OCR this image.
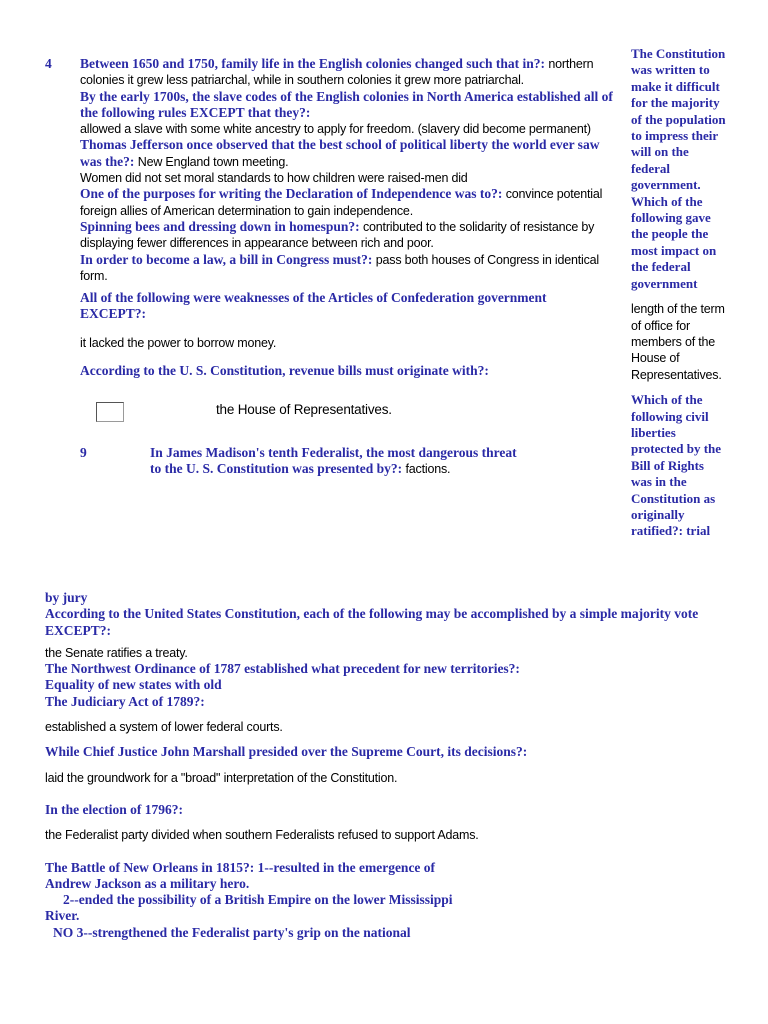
4 Between 1650 and 1750, family life in the English colonies changed such that in?: northern colonies it grew less patriarchal, while in southern colonies it grew more patriarchal.
By the early 1700s, the slave codes of the English colonies in North America established all of the following rules EXCEPT that they?:
allowed a slave with some white ancestry to apply for freedom. (slavery did become permanent)
Thomas Jefferson once observed that the best school of political liberty the world ever saw was the?: New England town meeting.
Women did not set moral standards to how children were raised-men did
One of the purposes for writing the Declaration of Independence was to?: convince potential foreign allies of American determination to gain independence.
Spinning bees and dressing down in homespun?: contributed to the solidarity of resistance by displaying fewer differences in appearance between rich and poor.
In order to become a law, a bill in Congress must?: pass both houses of Congress in identical form.
All of the following were weaknesses of the Articles of Confederation government EXCEPT?:
it lacked the power to borrow money.
According to the U. S. Constitution, revenue bills must originate with?:
the House of Representatives.
9	In James Madison's tenth Federalist, the most dangerous threat
to the U. S. Constitution was presented by?: factions.
The Constitution was written to make it difficult for the majority of the population to impress their will on the federal government. Which of the following gave the people the most impact on the federal government
length of the term of office for members of the House of Representatives.
Which of the following civil liberties protected by the Bill of Rights was in the Constitution as originally ratified?: trial
by jury
According to the United States Constitution, each of the following may be accomplished by a simple majority vote EXCEPT?:
the Senate ratifies a treaty.
The Northwest Ordinance of 1787 established what precedent for new territories?:
Equality of new states with old
The Judiciary Act of 1789?:
established a system of lower federal courts.
While Chief Justice John Marshall presided over the Supreme Court, its decisions?:
laid the groundwork for a "broad" interpretation of the Constitution.
In the election of 1796?:
the Federalist party divided when southern Federalists refused to support Adams.
The Battle of New Orleans in 1815?: 1--resulted in the emergence of
Andrew Jackson as a military hero.
2--ended the possibility of a British Empire on the lower Mississippi
River.
NO 3--strengthened the Federalist party's grip on the national
